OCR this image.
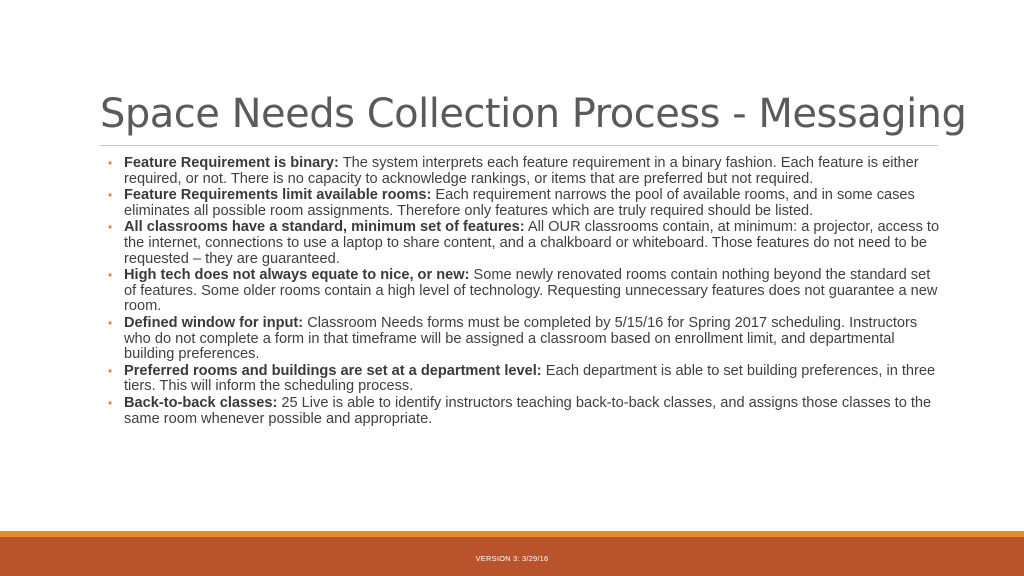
Space Needs Collection Process - Messaging
• Feature Requirement is binary: The system interprets each feature requirement in a binary fashion. Each feature is either required, or not. There is no capacity to acknowledge rankings, or items that are preferred but not required.
• Feature Requirements limit available rooms: Each requirement narrows the pool of available rooms, and in some cases eliminates all possible room assignments. Therefore only features which are truly required should be listed.
• All classrooms have a standard, minimum set of features: All OUR classrooms contain, at minimum: a projector, access to the internet, connections to use a laptop to share content, and a chalkboard or whiteboard. Those features do not need to be requested – they are guaranteed.
• High tech does not always equate to nice, or new: Some newly renovated rooms contain nothing beyond the standard set of features. Some older rooms contain a high level of technology. Requesting unnecessary features does not guarantee a new room.
• Defined window for input: Classroom Needs forms must be completed by 5/15/16 for Spring 2017 scheduling. Instructors who do not complete a form in that timeframe will be assigned a classroom based on enrollment limit, and departmental building preferences.
• Preferred rooms and buildings are set at a department level: Each department is able to set building preferences, in three tiers. This will inform the scheduling process.
• Back-to-back classes: 25 Live is able to identify instructors teaching back-to-back classes, and assigns those classes to the same room whenever possible and appropriate.
VERSION 3: 3/29/16
